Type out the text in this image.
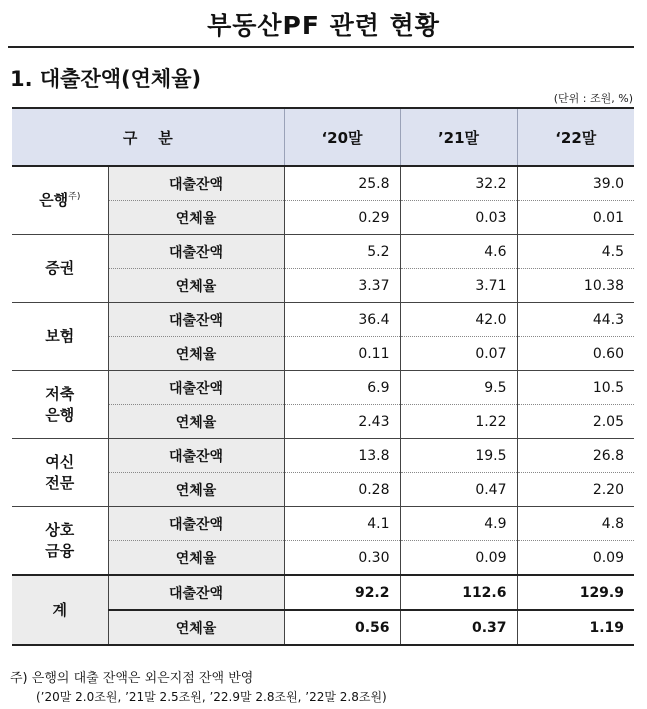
부동산PF 관련 현황
1. 대출잔액(연체율)
(단위 : 조원, %)
구    분		‘20말	’21말	‘22말
은행$^{주)}$	대출잔액	25.8	32.2	39.0
	연체율	0.29	0.03	0.01
증권	대출잔액	5.2	4.6	4.5
	연체율	3.37	3.71	10.38
보험	대출잔액	36.4	42.0	44.3
	연체율	0.11	0.07	0.60

저축
은행	대출잔액	6.9	9.5	10.5
	연체율	2.43	1.22	2.05

여신
전문	대출잔액	13.8	19.5	26.8
	연체율	0.28	0.47	2.20

상호
금융	대출잔액	4.1	4.9	4.8
	연체율	0.30	0.09	0.09
계	대출잔액	92.2	112.6	129.9
	연체율	0.56	0.37	1.19
주) 은행의 대출 잔액은 외은지점 잔액 반영
(’20말 2.0조원, ’21말 2.5조원, ’22.9말 2.8조원, ’22말 2.8조원)
